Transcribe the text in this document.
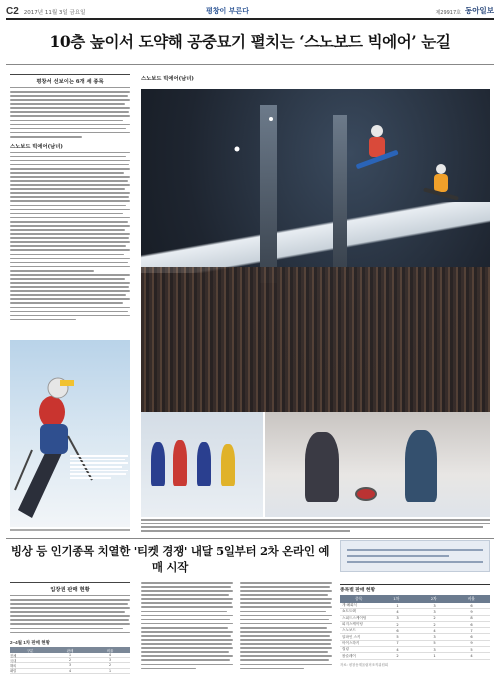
C2 2017년 11월 3일 금요일	평창이 부른다	제29917호 동아일보
10층 높이서 도약해 공중묘기 펼치는 ‘스노보드 빅에어’ 눈길
평창서 선보이는 6개 세 종목
스노보드 빅에어(남녀)
스노보드 빅에어(남녀)
빙상 등 인기종목 치열한 '티켓 경쟁' 내달 5일부터 2차 온라인 예매 시작
입장권 판매 현황
2~4월 1차 판매 현황
구분	판매	비율
전체	1	4
국내	2	3
해외	3	2
패럴	4	1
종목별 판매 현황
종목	1차	2차	비율
개·폐회식	1	3	6
쇼트트랙	4	3	9
스피드스케이팅	3	2	8
피겨스케이팅	2	2	6
스노보드	6	4	7
알파인 스키	5	3	6
아이스하키	7	5	9
컬링	4	3	5
봅슬레이	2	1	4
자료: 평창동계올림픽조직위원회
